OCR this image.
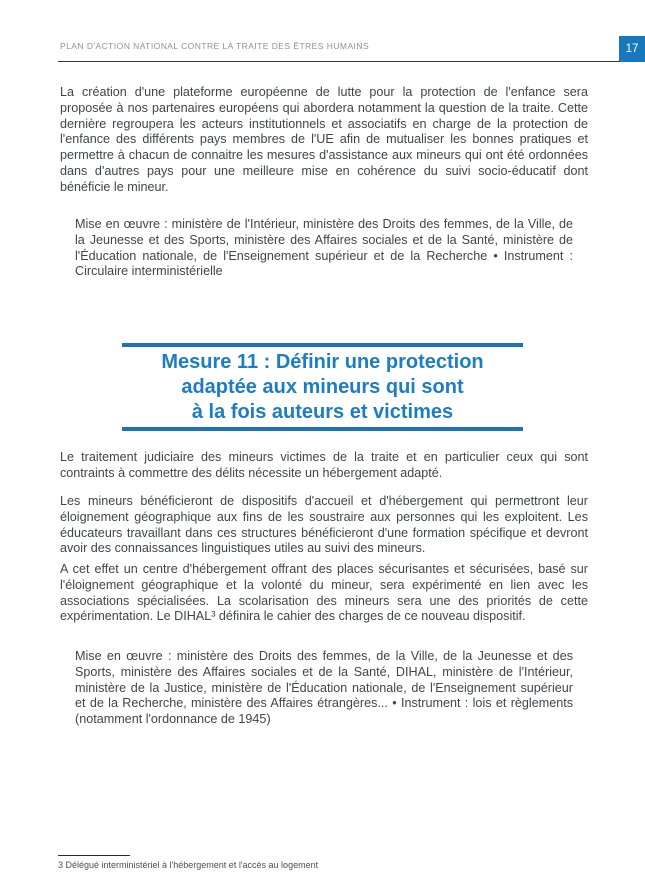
PLAN D'ACTION NATIONAL CONTRE LA TRAITE DES ÊTRES HUMAINS	17

La création d'une plateforme européenne de lutte pour la protection de l'enfance sera proposée à nos partenaires européens qui abordera notamment la question de la traite. Cette dernière regroupera les acteurs institutionnels et associatifs en charge de la protection de l'enfance des différents pays membres de l'UE afin de mutualiser les bonnes pratiques et permettre à chacun de connaitre les mesures d'assistance aux mineurs qui ont été ordonnées dans d'autres pays pour une meilleure mise en cohérence du suivi socio-éducatif dont bénéficie le mineur.

Mise en œuvre : ministère de l'Intérieur, ministère des Droits des femmes, de la Ville, de la Jeunesse et des Sports, ministère des Affaires sociales et de la Santé, ministère de l'Éducation nationale, de l'Enseignement supérieur et de la Recherche • Instrument : Circulaire interministérielle
Mesure 11 : Définir une protection
adaptée aux mineurs qui sont
à la fois auteurs et victimes

Le traitement judiciaire des mineurs victimes de la traite et en particulier ceux qui sont contraints à commettre des délits nécessite un hébergement adapté.

Les mineurs bénéficieront de dispositifs d'accueil et d'hébergement qui permettront leur éloignement géographique aux fins de les soustraire aux personnes qui les exploitent. Les éducateurs travaillant dans ces structures bénéficieront d'une formation spécifique et devront avoir des connaissances linguistiques utiles au suivi des mineurs.

A cet effet un centre d'hébergement offrant des places sécurisantes et sécurisées, basé sur l'éloignement géographique et la volonté du mineur, sera expérimenté en lien avec les associations spécialisées. La scolarisation des mineurs sera une des priorités de cette expérimentation. Le DIHAL³ définira le cahier des charges de ce nouveau dispositif.

Mise en œuvre : ministère des Droits des femmes, de la Ville, de la Jeunesse et des Sports, ministère des Affaires sociales et de la Santé, DIHAL, ministère de l'Intérieur, ministère de la Justice, ministère de l'Éducation nationale, de l'Enseignement supérieur et de la Recherche, ministère des Affaires étrangères... • Instrument : lois et règlements (notamment l'ordonnance de 1945)
3 Délégué interministériel à l'hébergement et l'accès au logement
